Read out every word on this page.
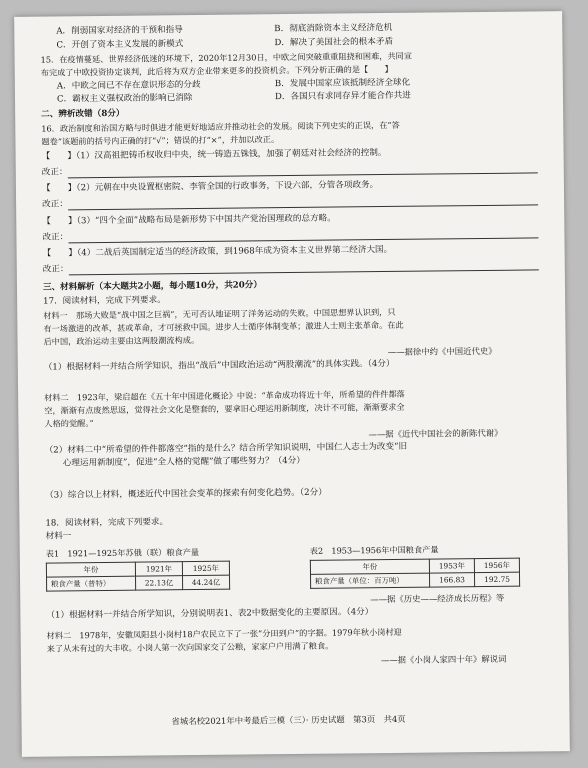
A．削弱国家对经济的干预和指导	B．彻底消除资本主义经济危机
C．开创了资本主义发展的新模式	D．解决了美国社会的根本矛盾
15．在疫情蔓延、世界经济低迷的环境下，2020年12月30日，中欧之间突破重重阻挠和困难，共同宣
布完成了中欧投资协定谈判，此后将为双方企业带来更多的投资机会。下列分析正确的是【　　】
A．中欧之间已不存在意识形态的分歧	B．发展中国家应该抵制经济全球化
C．霸权主义强权政治的影响已消除	D．各国只有求同存异才能合作共进
二、辨析改错（8分）
16．政治制度和治国方略与时俱进才能更好地适应并推动社会的发展。阅读下列史实的正误，在“答
题卷”该题前的括号内正确的打“√”；错误的打“×”，并加以改正。
【　　】（1）汉高祖把铸币权收归中央，统一铸造五铢钱，加强了朝廷对社会经济的控制。
改正：
【　　】（2）元朝在中央设置枢密院、李管全国的行政事务，下设六部，分管各项政务。
改正：
【　　】（3）“四个全面”战略布局是新形势下中国共产党治国理政的总方略。
改正：
【　　】（4）二战后英国制定适当的经济政策，到1968年成为资本主义世界第二经济大国。
改正：
三、材料解析（本大题共2小题，每小题10分，共20分）
17．阅读材料，完成下列要求。
材料一　那场大败是“战中国之巨祸”，无可否认地证明了洋务运动的失败。中国思想界认识到，只
有一场激进的改革，甚或革命，才可拯救中国。进步人士循序体制变革；激进人士则主张革命。在此
后中国，政治运动主要由这两股潮流构成。
——据徐中约《中国近代史》
（1）根据材料一并结合所学知识，指出“战后”中国政治运动“两股潮流”的具体实践。（4分）
材料二　1923年，梁启超在《五十年中国进化概论》中说：“革命成功将近十年，所希望的件件都落
空，渐渐有点废然思返，觉得社会文化是整套的，要拿旧心理运用新制度，决计不可能，渐渐要求全
人格的觉醒。”
——据《近代中国社会的新陈代谢》
（2）材料二中“所希望的件件都落空”指的是什么？结合所学知识说明，中国仁人志士为改变“旧
心理运用新制度”，促进“全人格的觉醒”做了哪些努力？（4分）
（3）综合以上材料，概述近代中国社会变革的探索有何变化趋势。（2分）
18．阅读材料，完成下列要求。
材料一
表1　1921—1925年苏俄（联）粮食产量
年份	1921年	1925年
粮食产量（普特）	22.13亿	44.24亿
表2　1953—1956年中国粮食产量
年份	1953年	1956年
粮食产量（单位：百万吨）	166.83	192.75
——据《历史——经济成长历程》等
（1）根据材料一并结合所学知识，分别说明表1、表2中数据变化的主要原因。（4分）
材料二　1978年，安徽凤阳县小岗村18户农民立下了一张“分田到户”的字据。1979年秋小岗村迎
来了从未有过的大丰收。小岗人第一次向国家交了公粮，家家户户用满了粮食。
——据《小岗人家四十年》解说词
省城名校2021年中考最后三模（三）· 历史试题　第3页　共4页
